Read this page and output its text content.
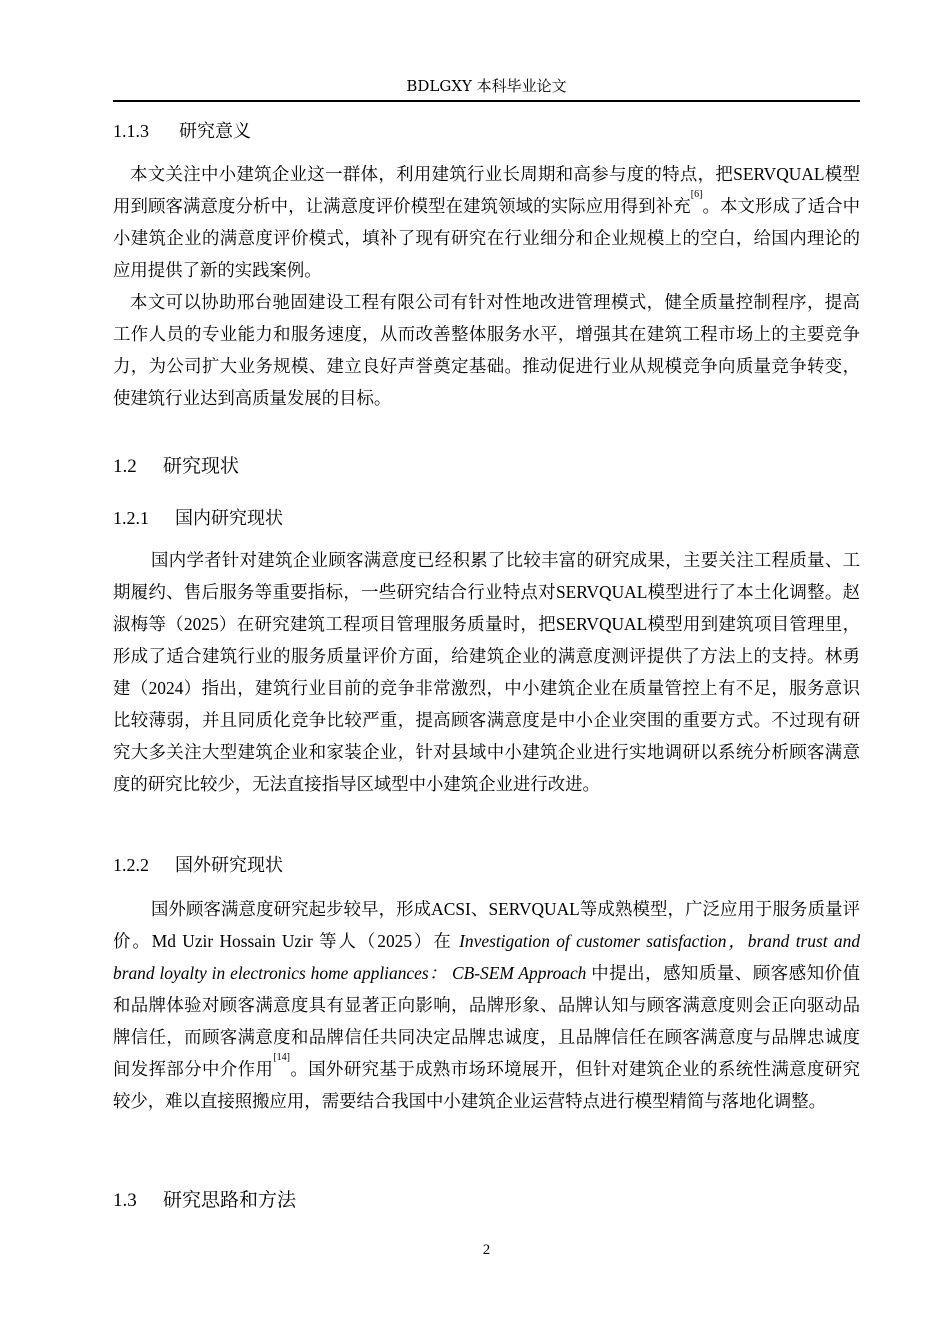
BDLGXY 本科毕业论文
1.1.3 研究意义

本文关注中小建筑企业这一群体，利用建筑行业长周期和高参与度的特点，把SERVQUAL模型用到顾客满意度分析中，让满意度评价模型在建筑领域的实际应用得到补充[6]。本文形成了适合中小建筑企业的满意度评价模式，填补了现有研究在行业细分和企业规模上的空白，给国内理论的应用提供了新的实践案例。

本文可以协助邢台驰固建设工程有限公司有针对性地改进管理模式，健全质量控制程序，提高工作人员的专业能力和服务速度，从而改善整体服务水平，增强其在建筑工程市场上的主要竞争力，为公司扩大业务规模、建立良好声誉奠定基础。推动促进行业从规模竞争向质量竞争转变，使建筑行业达到高质量发展的目标。

1.2 研究现状
1.2.1 国内研究现状

国内学者针对建筑企业顾客满意度已经积累了比较丰富的研究成果，主要关注工程质量、工期履约、售后服务等重要指标，一些研究结合行业特点对SERVQUAL模型进行了本土化调整。赵淑梅等（2025）在研究建筑工程项目管理服务质量时，把SERVQUAL模型用到建筑项目管理里，形成了适合建筑行业的服务质量评价方面，给建筑企业的满意度测评提供了方法上的支持。林勇建（2024）指出，建筑行业目前的竞争非常激烈，中小建筑企业在质量管控上有不足，服务意识比较薄弱，并且同质化竞争比较严重，提高顾客满意度是中小企业突围的重要方式。不过现有研究大多关注大型建筑企业和家装企业，针对县域中小建筑企业进行实地调研以系统分析顾客满意度的研究比较少，无法直接指导区域型中小建筑企业进行改进。

1.2.2 国外研究现状

国外顾客满意度研究起步较早，形成ACSI、SERVQUAL等成熟模型，广泛应用于服务质量评价。Md Uzir Hossain Uzir 等人（2025）在 Investigation of customer satisfaction，brand trust and brand loyalty in electronics home appliances： CB-SEM Approach 中提出，感知质量、顾客感知价值和品牌体验对顾客满意度具有显著正向影响，品牌形象、品牌认知与顾客满意度则会正向驱动品牌信任，而顾客满意度和品牌信任共同决定品牌忠诚度，且品牌信任在顾客满意度与品牌忠诚度间发挥部分中介作用[14]。国外研究基于成熟市场环境展开，但针对建筑企业的系统性满意度研究较少，难以直接照搬应用，需要结合我国中小建筑企业运营特点进行模型精简与落地化调整。

1.3 研究思路和方法
2
